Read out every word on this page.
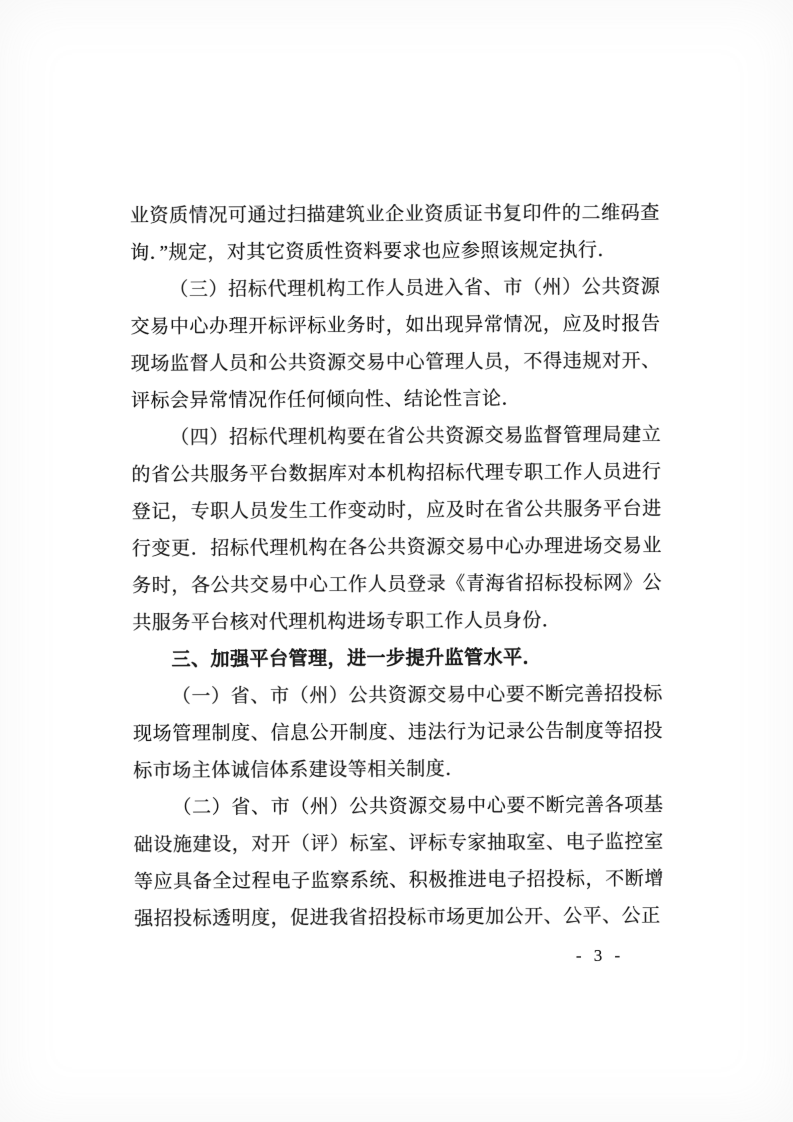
业资质情况可通过扫描建筑业企业资质证书复印件的二维码查询．”规定，对其它资质性资料要求也应参照该规定执行．

（三）招标代理机构工作人员进入省、市（州）公共资源交易中心办理开标评标业务时，如出现异常情况，应及时报告现场监督人员和公共资源交易中心管理人员，不得违规对开、评标会异常情况作任何倾向性、结论性言论．

（四）招标代理机构要在省公共资源交易监督管理局建立的省公共服务平台数据库对本机构招标代理专职工作人员进行登记，专职人员发生工作变动时，应及时在省公共服务平台进行变更．招标代理机构在各公共资源交易中心办理进场交易业务时，各公共交易中心工作人员登录《青海省招标投标网》公共服务平台核对代理机构进场专职工作人员身份．

三、加强平台管理，进一步提升监管水平．

（一）省、市（州）公共资源交易中心要不断完善招投标现场管理制度、信息公开制度、违法行为记录公告制度等招投标市场主体诚信体系建设等相关制度．

（二）省、市（州）公共资源交易中心要不断完善各项基础设施建设，对开（评）标室、评标专家抽取室、电子监控室等应具备全过程电子监察系统、积极推进电子招投标，不断增强招投标透明度，促进我省招投标市场更加公开、公平、公正

- 3 -
